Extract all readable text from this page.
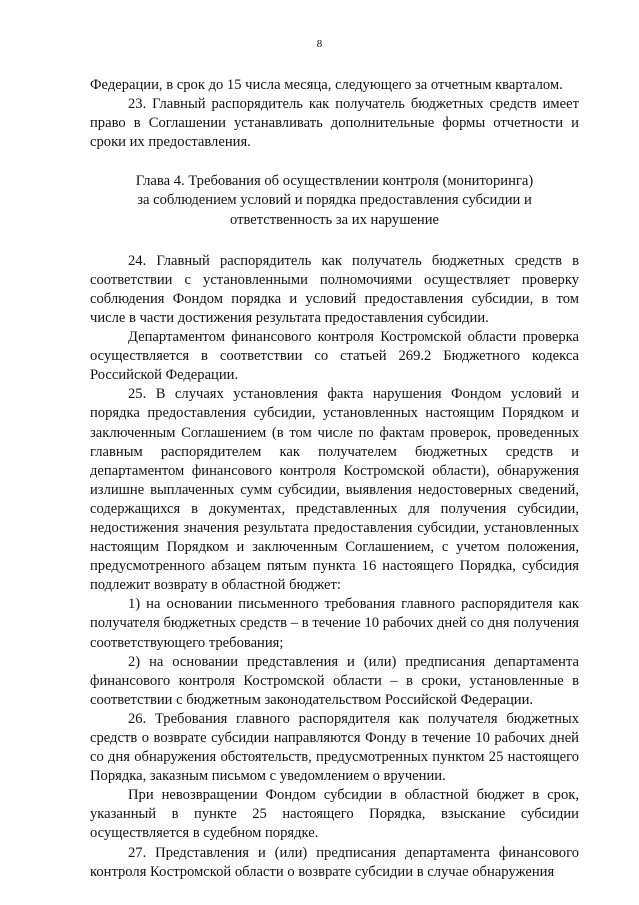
8

Федерации, в срок до 15 числа месяца, следующего за отчетным кварталом.

23. Главный распорядитель как получатель бюджетных средств имеет право в Соглашении устанавливать дополнительные формы отчетности и сроки их предоставления.

Глава 4. Требования об осуществлении контроля (мониторинга)
за соблюдением условий и порядка предоставления субсидии и
ответственность за их нарушение

24. Главный распорядитель как получатель бюджетных средств в соответствии с установленными полномочиями осуществляет проверку соблюдения Фондом порядка и условий предоставления субсидии, в том числе в части достижения результата предоставления субсидии.

Департаментом финансового контроля Костромской области проверка осуществляется в соответствии со статьей 269.2 Бюджетного кодекса Российской Федерации.

25. В случаях установления факта нарушения Фондом условий и порядка предоставления субсидии, установленных настоящим Порядком и заключенным Соглашением (в том числе по фактам проверок, проведенных главным распорядителем как получателем бюджетных средств и департаментом финансового контроля Костромской области), обнаружения излишне выплаченных сумм субсидии, выявления недостоверных сведений, содержащихся в документах, представленных для получения субсидии, недостижения значения результата предоставления субсидии, установленных настоящим Порядком и заключенным Соглашением, с учетом положения, предусмотренного абзацем пятым пункта 16 настоящего Порядка, субсидия подлежит возврату в областной бюджет:

1) на основании письменного требования главного распорядителя как получателя бюджетных средств – в течение 10 рабочих дней со дня получения соответствующего требования;

2) на основании представления и (или) предписания департамента финансового контроля Костромской области – в сроки, установленные в соответствии с бюджетным законодательством Российской Федерации.

26. Требования главного распорядителя как получателя бюджетных средств о возврате субсидии направляются Фонду в течение 10 рабочих дней со дня обнаружения обстоятельств, предусмотренных пунктом 25 настоящего Порядка, заказным письмом с уведомлением о вручении.

При невозвращении Фондом субсидии в областной бюджет в срок, указанный в пункте 25 настоящего Порядка, взыскание субсидии осуществляется в судебном порядке.

27. Представления и (или) предписания департамента финансового контроля Костромской области о возврате субсидии в случае обнаружения
